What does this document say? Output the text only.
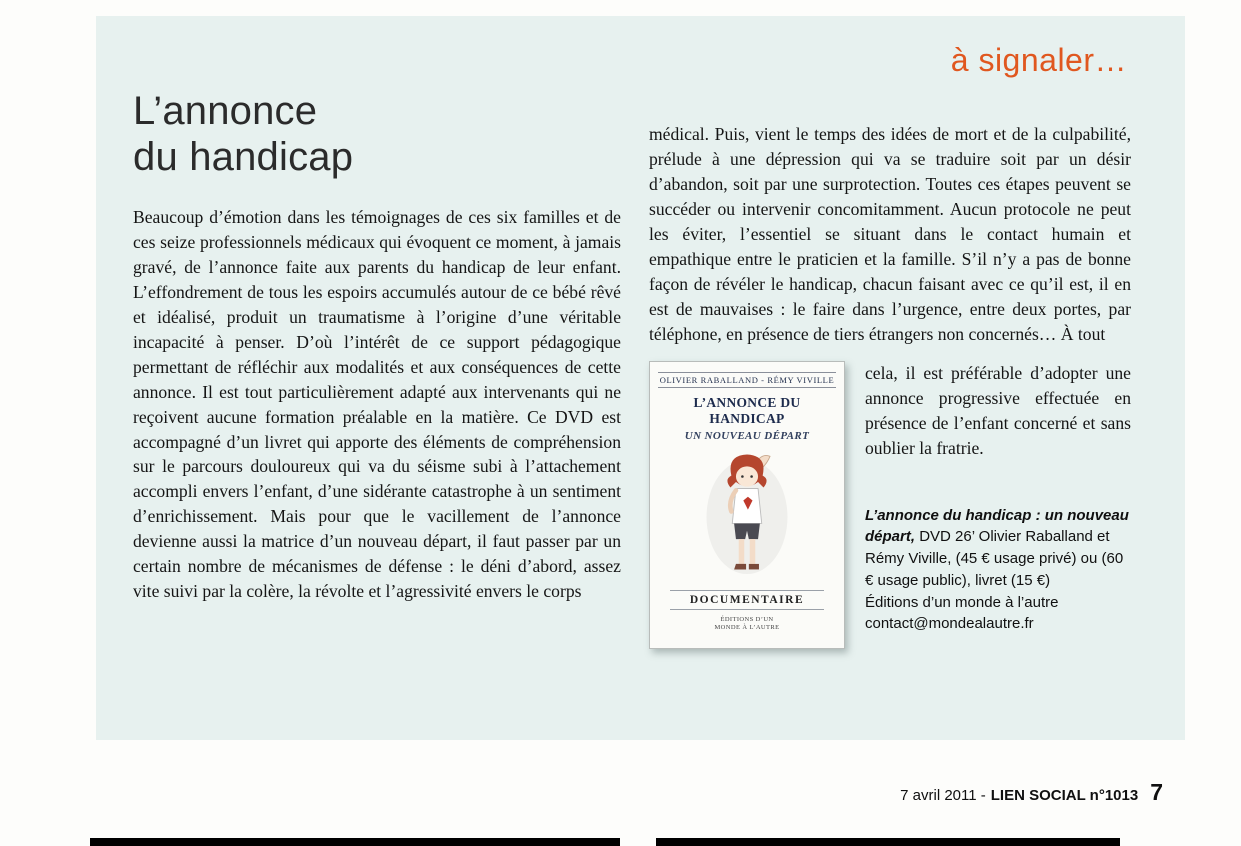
à signaler…
L’annonce
du handicap

Beaucoup d’émotion dans les témoignages de ces six familles et de ces seize professionnels médicaux qui évoquent ce moment, à jamais gravé, de l’annonce faite aux parents du handicap de leur enfant. L’effondrement de tous les espoirs accumulés autour de ce bébé rêvé et idéalisé, produit un traumatisme à l’origine d’une véritable incapacité à penser. D’où l’intérêt de ce support pédagogique permettant de réfléchir aux modalités et aux conséquences de cette annonce. Il est tout particulièrement adapté aux intervenants qui ne reçoivent aucune formation préalable en la matière. Ce DVD est accompagné d’un livret qui apporte des éléments de compréhension sur le parcours douloureux qui va du séisme subi à l’attachement accompli envers l’enfant, d’une sidérante catastrophe à un sentiment d’enrichissement. Mais pour que le vacillement de l’annonce devienne aussi la matrice d’un nouveau départ, il faut passer par un certain nombre de mécanismes de défense : le déni d’abord, assez vite suivi par la colère, la révolte et l’agressivité envers le corps

médical. Puis, vient le temps des idées de mort et de la culpabilité, prélude à une dépression qui va se traduire soit par un désir d’abandon, soit par une surprotection. Toutes ces étapes peuvent se succéder ou intervenir concomitamment. Aucun protocole ne peut les éviter, l’essentiel se situant dans le contact humain et empathique entre le praticien et la famille. S’il n’y a pas de bonne façon de révéler le handicap, chacun faisant avec ce qu’il est, il en est de mauvaises : le faire dans l’urgence, entre deux portes, par téléphone, en présence de tiers étrangers non concernés… À tout

OLIVIER RABALLAND - RÉMY VIVILLE
L’ANNONCE DU HANDICAP
UN NOUVEAU DÉPART
DOCUMENTAIRE
ÉDITIONS D’UN MONDE À L’AUTRE

cela, il est préférable d’adopter une annonce progressive effectuée en présence de l’enfant concerné et sans oublier la fratrie.

L’annonce du handicap : un nouveau départ, DVD 26’ Olivier Raballand et Rémy Viville, (45 € usage privé) ou (60 € usage public), livret (15 €)
Éditions d’un monde à l’autre
contact@mondealautre.fr
7 avril 2011 - LIEN SOCIAL n°1013 7
